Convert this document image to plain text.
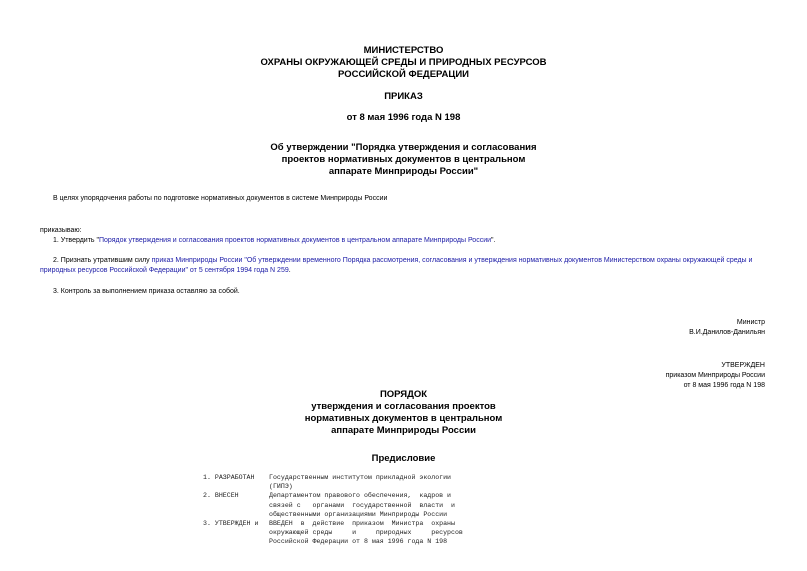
МИНИСТЕРСТВО
ОХРАНЫ ОКРУЖАЮЩЕЙ СРЕДЫ И ПРИРОДНЫХ РЕСУРСОВ
РОССИЙСКОЙ ФЕДЕРАЦИИ
ПРИКАЗ
от 8 мая 1996 года N 198
Об утверждении "Порядка утверждения и согласования
проектов нормативных документов в центральном
аппарате Минприроды России"
В целях упорядочения работы по подготовке нормативных документов в системе Минприроды России
приказываю:
1. Утвердить "Порядок утверждения и согласования проектов нормативных документов в центральном аппарате Минприроды России".
2. Признать утратившим силу приказ Минприроды России "Об утверждении временного Порядка рассмотрения, согласования и утверждения нормативных документов Министерством охраны окружающей среды и
природных ресурсов Российской Федерации" от 5 сентября 1994 года N 259.
3. Контроль за выполнением приказа оставляю за собой.
Министр
В.И.Данилов-Данильян
УТВЕРЖДЕН
приказом Минприроды России
от 8 мая 1996 года N 198
ПОРЯДОК
утверждения и согласования проектов
нормативных документов в центральном
аппарате Минприроды России
Предисловие
1. РАЗРАБОТАН	Государственным институтом прикладной экологии
(ГИПЭ)
2. ВНЕСЕН	Департаментом правового обеспечения,  кадров и
связей с   органами  государственной  власти  и
общественными организациями Минприроды России
3. УТВЕРЖДЕН и	ВВЕДЕН  в  действие  приказом  Министра  охраны
окружающей среды     и     природных     ресурсов
Российской Федерации от 8 мая 1996 года N 198
